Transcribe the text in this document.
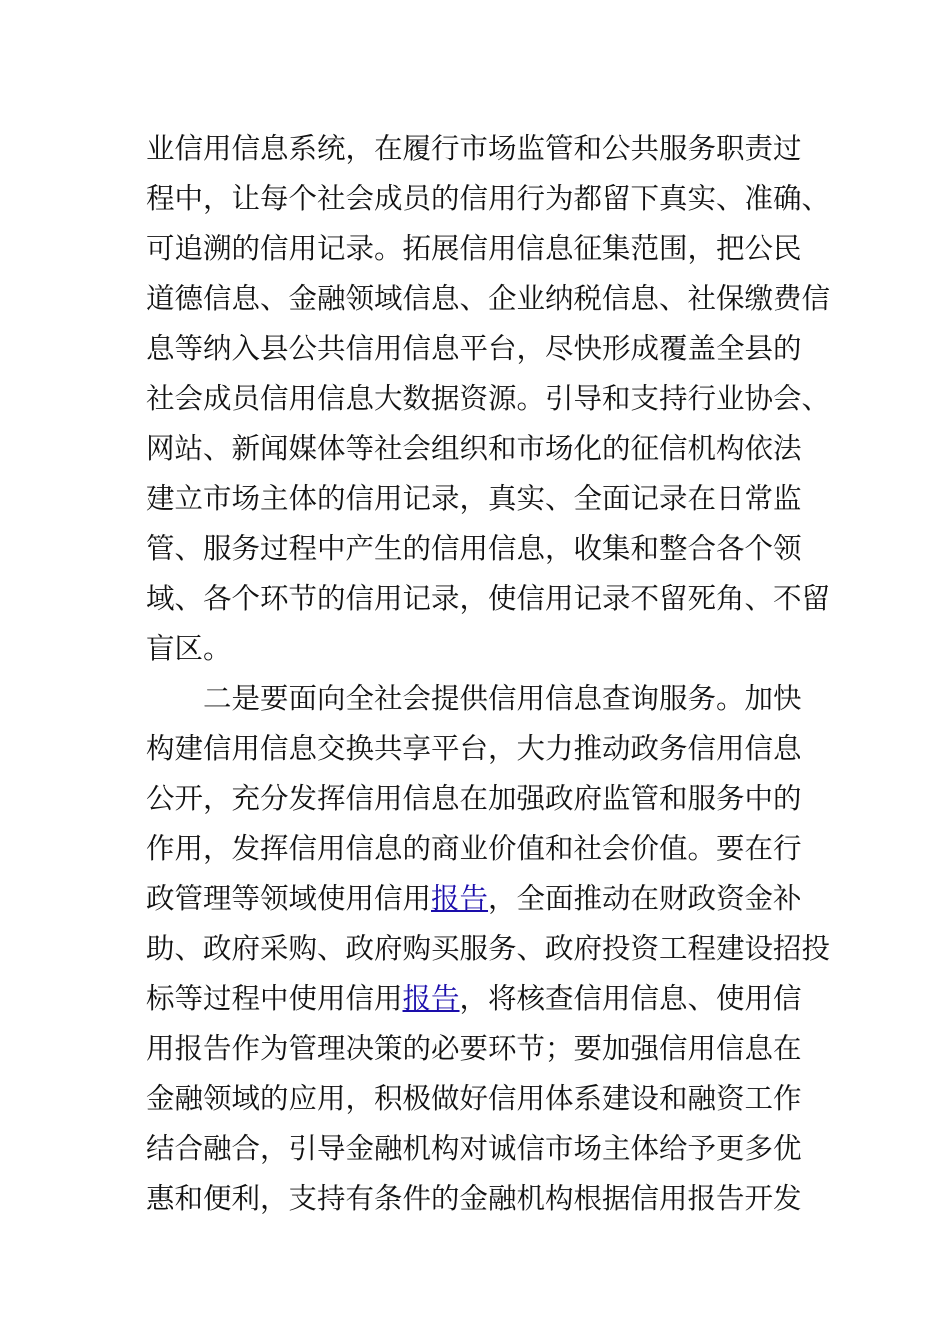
业信用信息系统，在履行市场监管和公共服务职责过
程中，让每个社会成员的信用行为都留下真实、准确、
可追溯的信用记录。拓展信用信息征集范围，把公民
道德信息、金融领域信息、企业纳税信息、社保缴费信
息等纳入县公共信用信息平台，尽快形成覆盖全县的
社会成员信用信息大数据资源。引导和支持行业协会、
网站、新闻媒体等社会组织和市场化的征信机构依法
建立市场主体的信用记录，真实、全面记录在日常监
管、服务过程中产生的信用信息，收集和整合各个领
域、各个环节的信用记录，使信用记录不留死角、不留
盲区。
二是要面向全社会提供信用信息查询服务。加快
构建信用信息交换共享平台，大力推动政务信用信息
公开，充分发挥信用信息在加强政府监管和服务中的
作用，发挥信用信息的商业价值和社会价值。要在行
政管理等领域使用信用报告，全面推动在财政资金补
助、政府采购、政府购买服务、政府投资工程建设招投
标等过程中使用信用报告，将核查信用信息、使用信
用报告作为管理决策的必要环节；要加强信用信息在
金融领域的应用，积极做好信用体系建设和融资工作
结合融合，引导金融机构对诚信市场主体给予更多优
惠和便利，支持有条件的金融机构根据信用报告开发
